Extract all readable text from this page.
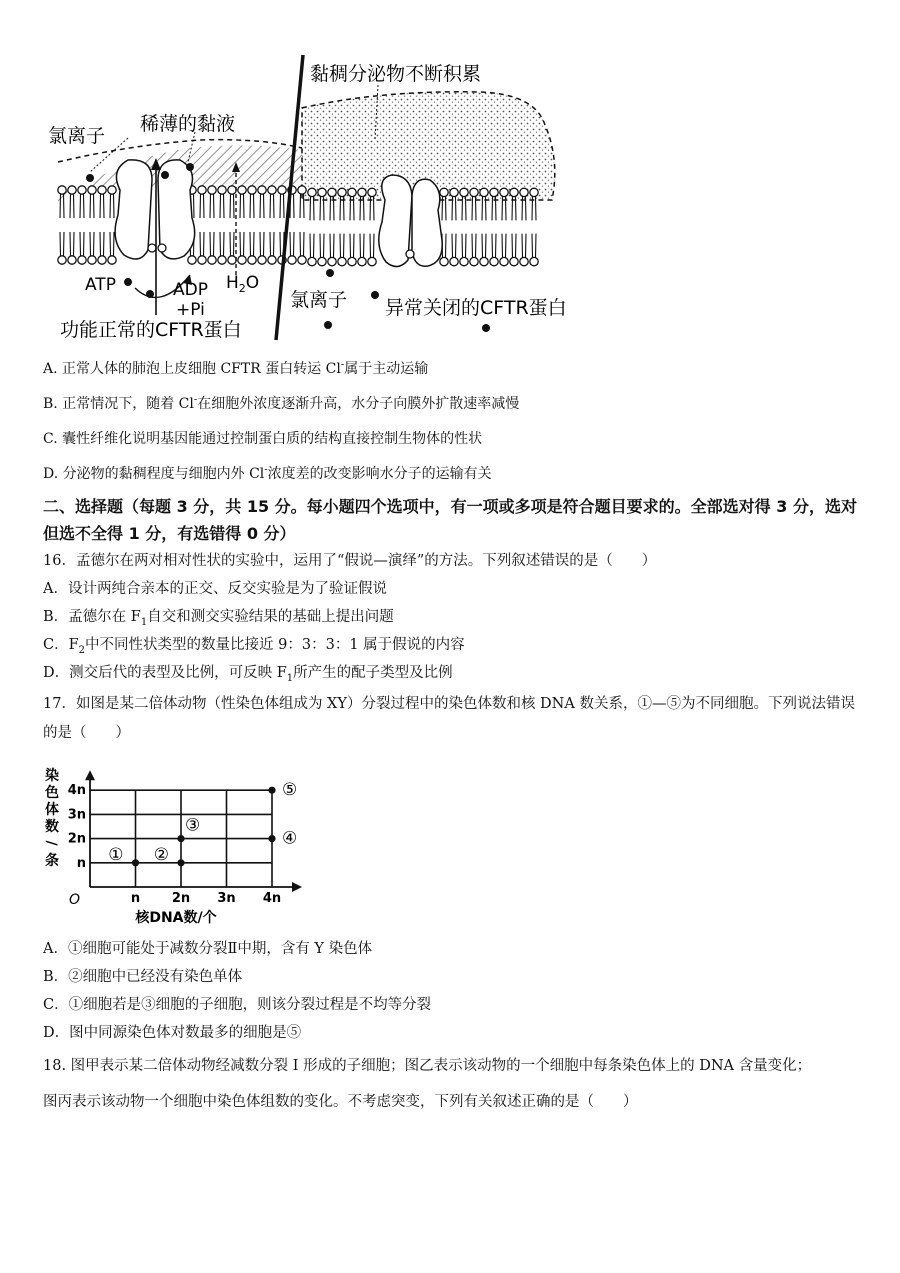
氯离子
稀薄的黏液
黏稠分泌物不断积累
ATP	ADP
+Pi
$H_2O$
氯离子 异常关闭的CFTR蛋白
功能正常的CFTR蛋白
A. 正常人体的肺泡上皮细胞 CFTR 蛋白转运 Cl-属于主动运输
B. 正常情况下，随着 Cl-在细胞外浓度逐渐升高，水分子向膜外扩散速率减慢
C. 囊性纤维化说明基因能通过控制蛋白质的结构直接控制生物体的性状
D. 分泌物的黏稠程度与细胞内外 Cl-浓度差的改变影响水分子的运输有关
二、选择题（每题 3 分，共 15 分。每小题四个选项中，有一项或多项是符合题目要求的。全部选对得 3 分，选对但选不全得 1 分，有选错得 0 分）
16．孟德尔在两对相对性状的实验中，运用了“假说—演绎”的方法。下列叙述错误的是（　　）
A．设计两纯合亲本的正交、反交实验是为了验证假说
B．孟德尔在 $F_1$自交和测交实验结果的基础上提出问题
C．$F_2$中不同性状类型的数量比接近 9：3：3：1 属于假说的内容
D．测交后代的表型及比例，可反映 $F_1$所产生的配子类型及比例
17．如图是某二倍体动物（性染色体组成为 XY）分裂过程中的染色体数和核 DNA 数关系，①—⑤为不同细胞。下列说法错误的是（　　）
n 2n 3n 4n
n
2n
3n
4n
O
核DNA数/个
染
色
体
数
/
条	① ②
③
④
⑤
A．①细胞可能处于减数分裂Ⅱ中期，含有 Y 染色体
B．②细胞中已经没有染色单体
C．①细胞若是③细胞的子细胞，则该分裂过程是不均等分裂
D．图中同源染色体对数最多的细胞是⑤
18. 图甲表示某二倍体动物经减数分裂 I 形成的子细胞；图乙表示该动物的一个细胞中每条染色体上的 DNA 含量变化；
图丙表示该动物一个细胞中染色体组数的变化。不考虑突变，下列有关叙述正确的是（　　）
